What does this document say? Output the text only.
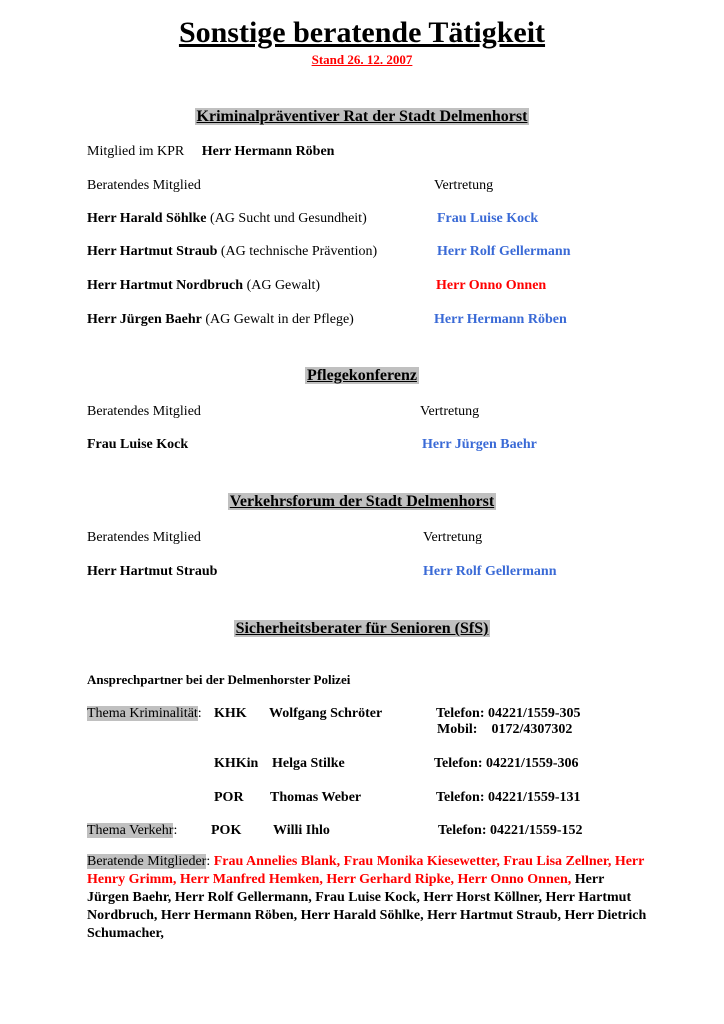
Sonstige beratende Tätigkeit
Stand 26. 12. 2007
Kriminalpräventiver Rat der Stadt Delmenhorst
Mitglied im KPR Herr Hermann Röben
Beratendes Mitglied	Vertretung
Herr Harald Söhlke (AG Sucht und Gesundheit)	Frau Luise Kock
Herr Hartmut Straub (AG technische Prävention)	Herr Rolf Gellermann
Herr Hartmut Nordbruch (AG Gewalt)	Herr Onno Onnen
Herr Jürgen Baehr (AG Gewalt in der Pflege)	Herr Hermann Röben
Pflegekonferenz
Beratendes Mitglied	Vertretung
Frau Luise Kock	Herr Jürgen Baehr
Verkehrsforum der Stadt Delmenhorst
Beratendes Mitglied	Vertretung
Herr Hartmut Straub	Herr Rolf Gellermann
Sicherheitsberater für Senioren (SfS)
Ansprechpartner bei der Delmenhorster Polizei
Thema Kriminalität: KHK Wolfgang Schröter	Telefon: 04221/1559-305
Mobil:    0172/4307302
KHKin Helga Stilke	Telefon: 04221/1559-306
POR Thomas Weber	Telefon: 04221/1559-131
Thema Verkehr: POK Willi Ihlo	Telefon: 04221/1559-152
Beratende Mitglieder: Frau Annelies Blank, Frau Monika Kiesewetter, Frau Lisa Zellner, Herr Henry Grimm, Herr Manfred Hemken, Herr Gerhard Ripke, Herr Onno Onnen, Herr Jürgen Baehr, Herr Rolf Gellermann, Frau Luise Kock, Herr Horst Köllner, Herr Hartmut Nordbruch, Herr Hermann Röben, Herr Harald Söhlke, Herr Hartmut Straub, Herr Dietrich Schumacher,
